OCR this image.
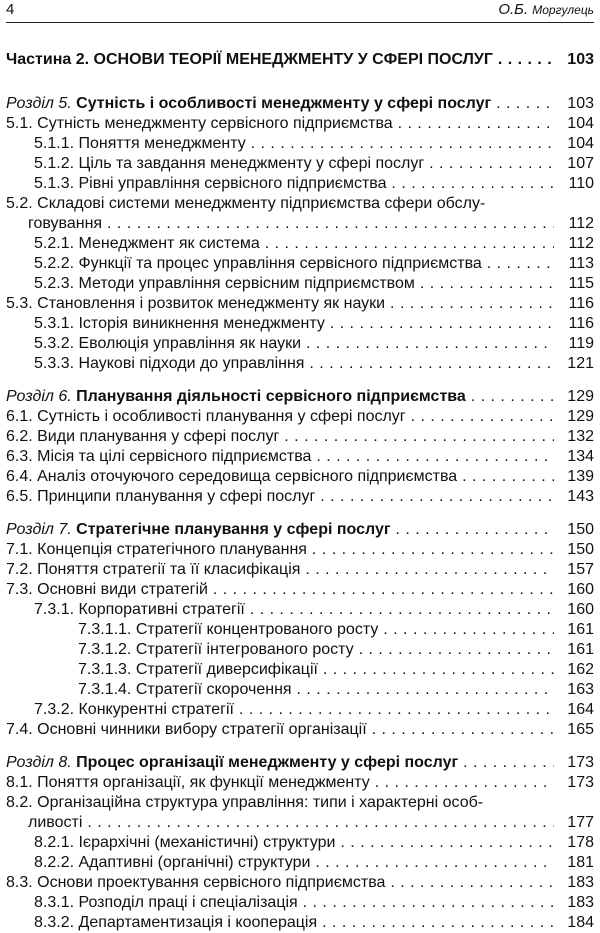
4	О.Б. Моргулець
Частина 2. ОСНОВИ ТЕОРІЇ МЕНЕДЖМЕНТУ У СФЕРІ ПОСЛУГ . . .	103
Розділ 5. Сутність і особливості менеджменту у сфері послуг . . .	103
5.1. Сутність менеджменту сервісного підприємства . . .	104
5.1.1. Поняття менеджменту . . .	104
5.1.2. Ціль та завдання менеджменту у сфері послуг . . .	107
5.1.3. Рівні управління сервісного підприємства . . .	110
5.2. Складові системи менеджменту підприємства сфери обслу-
говування . . .	112
5.2.1. Менеджмент як система . . .	112
5.2.2. Функції та процес управління сервісного підприємства . . .	113
5.2.3. Методи управління сервісним підприємством . . .	115
5.3. Становлення і розвиток менеджменту як науки . . .	116
5.3.1. Історія виникнення менеджменту . . .	116
5.3.2. Еволюція управління як науки . . .	119
5.3.3. Наукові підходи до управління . . .	121
Розділ 6. Планування діяльності сервісного підприємства . . .	129
6.1. Сутність і особливості планування у сфері послуг . . .	129
6.2. Види планування у сфері послуг . . .	132
6.3. Місія та цілі сервісного підприємства . . .	134
6.4. Аналіз оточуючого середовища сервісного підприємства . . .	139
6.5. Принципи планування у сфері послуг . . .	143
Розділ 7. Стратегічне планування у сфері послуг . . .	150
7.1. Концепція стратегічного планування . . .	150
7.2. Поняття стратегії та її класифікація . . .	157
7.3. Основні види стратегій . . .	160
7.3.1. Корпоративні стратегії . . .	160
7.3.1.1. Стратегії концентрованого росту . . .	161
7.3.1.2. Стратегії інтегрованого росту . . .	161
7.3.1.3. Стратегії диверсифікації . . .	162
7.3.1.4. Стратегії скорочення . . .	163
7.3.2. Конкурентні стратегії . . .	164
7.4. Основні чинники вибору стратегії організації . . .	165
Розділ 8. Процес організації менеджменту у сфері послуг . . .	173
8.1. Поняття організації, як функції менеджменту . . .	173
8.2. Організаційна структура управління: типи і характерні особ-
ливості . . .	177
8.2.1. Ієрархічні (механістичні) структури . . .	178
8.2.2. Адаптивні (органічні) структури . . .	181
8.3. Основи проектування сервісного підприємства . . .	183
8.3.1. Розподіл праці і спеціалізація . . .	183
8.3.2. Департаментизація і кооперація . . .	184
